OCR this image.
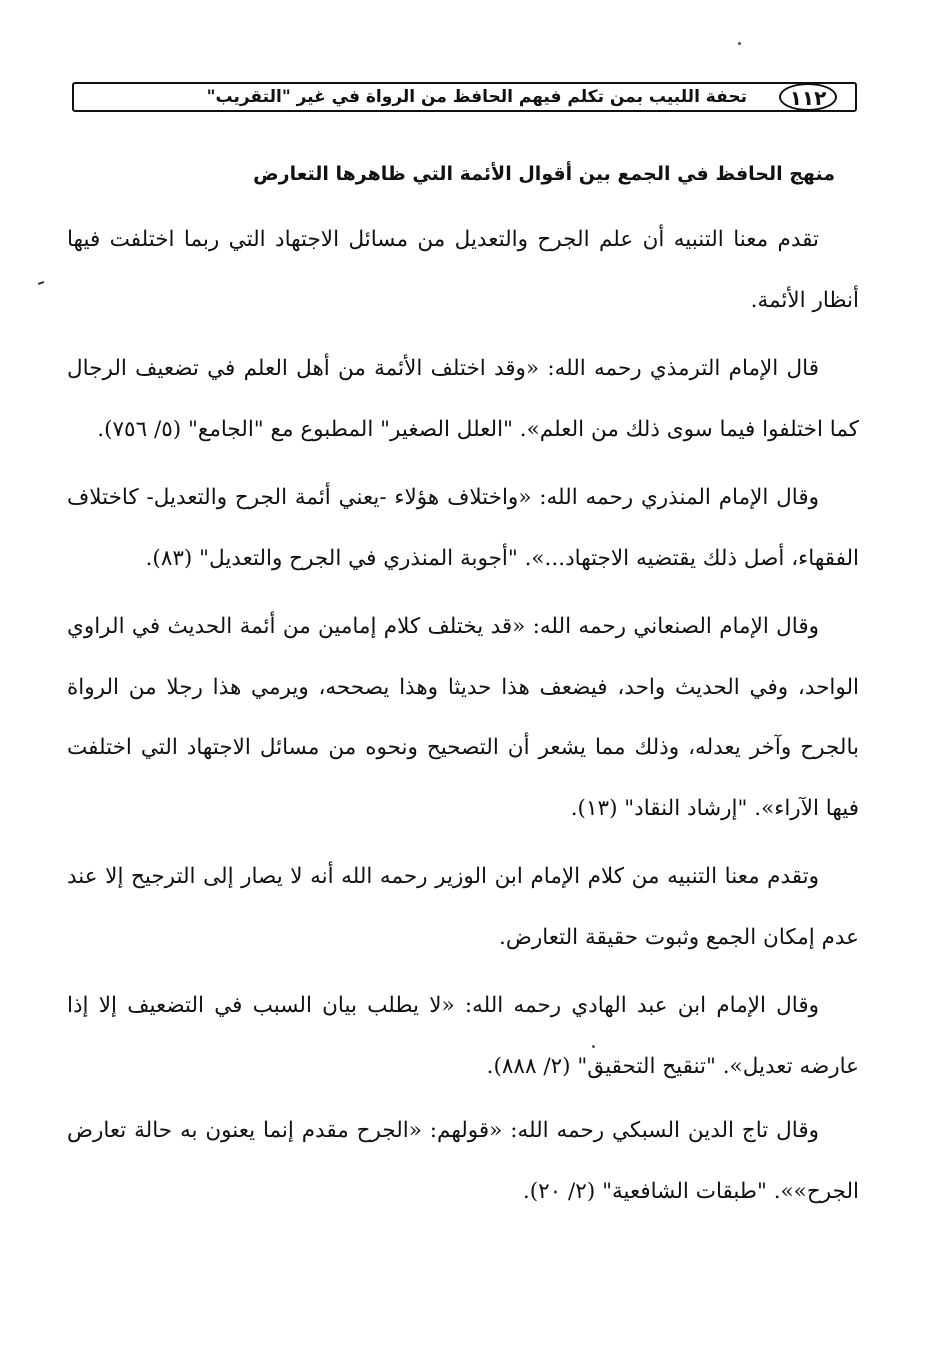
١١٢
تحفة اللبيب بمن تكلم فيهم الحافظ من الرواة في غير "التقريب"
منهج الحافظ في الجمع بين أقوال الأئمة التي ظاهرها التعارض

تقدم معنا التنبيه أن علم الجرح والتعديل من مسائل الاجتهاد التي ربما اختلفت فيها أنظار الأئمة.

قال الإمام الترمذي رحمه الله: «وقد اختلف الأئمة من أهل العلم في تضعيف الرجال كما اختلفوا فيما سوى ذلك من العلم». "العلل الصغير" المطبوع مع "الجامع" (٥/ ٧٥٦).

وقال الإمام المنذري رحمه الله: «واختلاف هؤلاء -يعني أئمة الجرح والتعديل- كاختلاف الفقهاء، أصل ذلك يقتضيه الاجتهاد...». "أجوبة المنذري في الجرح والتعديل" (٨٣).

وقال الإمام الصنعاني رحمه الله: «قد يختلف كلام إمامين من أئمة الحديث في الراوي الواحد، وفي الحديث واحد، فيضعف هذا حديثا وهذا يصححه، ويرمي هذا رجلا من الرواة بالجرح وآخر يعدله، وذلك مما يشعر أن التصحيح ونحوه من مسائل الاجتهاد التي اختلفت فيها الآراء». "إرشاد النقاد" (١٣).

وتقدم معنا التنبيه من كلام الإمام ابن الوزير رحمه الله أنه لا يصار إلى الترجيح إلا عند عدم إمكان الجمع وثبوت حقيقة التعارض.

وقال الإمام ابن عبد الهادي رحمه الله: «لا يطلب بيان السبب في التضعيف إلا إذا عارضه تعديل». "تنقيح التحقيق" (٢/ ٨٨٨).

وقال تاج الدين السبكي رحمه الله: «قولهم: «الجرح مقدم إنما يعنون به حالة تعارض الجرح»». "طبقات الشافعية" (٢/ ٢٠).
